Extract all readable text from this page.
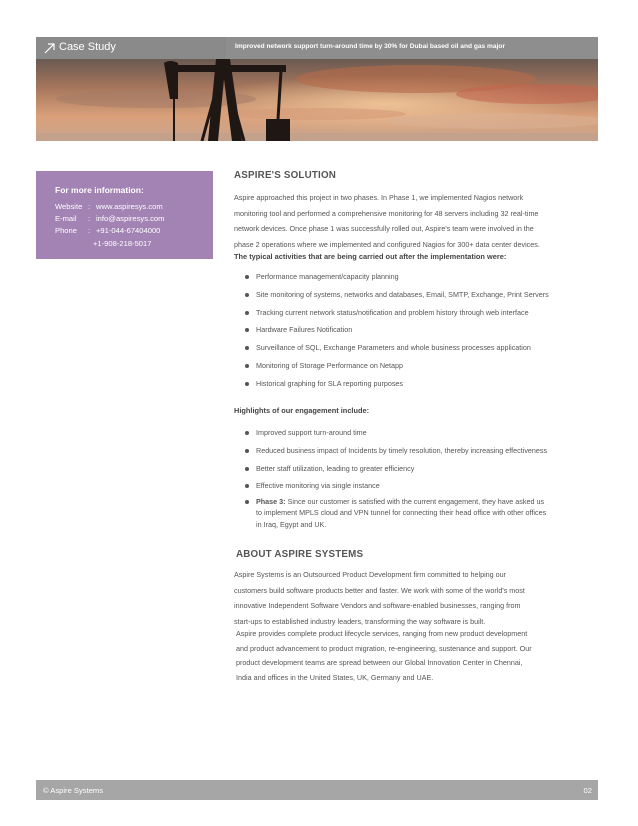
Case Study	Improved network support turn-around time by 30% for Dubai based oil and gas major
For more information:
Website : www.aspiresys.com
E-mail : info@aspiresys.com
Phone : +91-044-67404000
+1-908-218-5017
ASPIRE'S SOLUTION

Aspire approached this project in two phases. In Phase 1, we implemented Nagios network

monitoring tool and performed a comprehensive monitoring for 48 servers including 32 real-time

network devices. Once phase 1 was successfully rolled out, Aspire's team were involved in the

phase 2 operations where we implemented and configured Nagios for 300+ data center devices.

The typical activities that are being carried out after the implementation were:
Performance management/capacity planning
Site monitoring of systems, networks and databases, Email, SMTP, Exchange, Print Servers
Tracking current network status/notification and problem history through web interface
Hardware Failures Notification
Surveillance of SQL, Exchange Parameters and whole business processes application
Monitoring of Storage Performance on Netapp
Historical graphing for SLA reporting purposes
Highlights of our engagement include:
Improved support turn-around time
Reduced business impact of Incidents by timely resolution, thereby increasing effectiveness
Better staff utilization, leading to greater efficiency
Effective monitoring via single instance
Phase 3: Since our customer is satisfied with the current engagement, they have asked us
to implement MPLS cloud and VPN tunnel for connecting their head office with other offices
in Iraq, Egypt and UK.
ABOUT ASPIRE SYSTEMS

Aspire Systems is an Outsourced Product Development firm committed to helping our

customers build software products better and faster. We work with some of the world's most

innovative Independent Software Vendors and software-enabled businesses, ranging from

start-ups to established industry leaders, transforming the way software is built.

Aspire provides complete product lifecycle services, ranging from new product development

and product advancement to product migration, re-engineering, sustenance and support. Our

product development teams are spread between our Global Innovation Center in Chennai,

India and offices in the United States, UK, Germany and UAE.

© Aspire Systems	02
